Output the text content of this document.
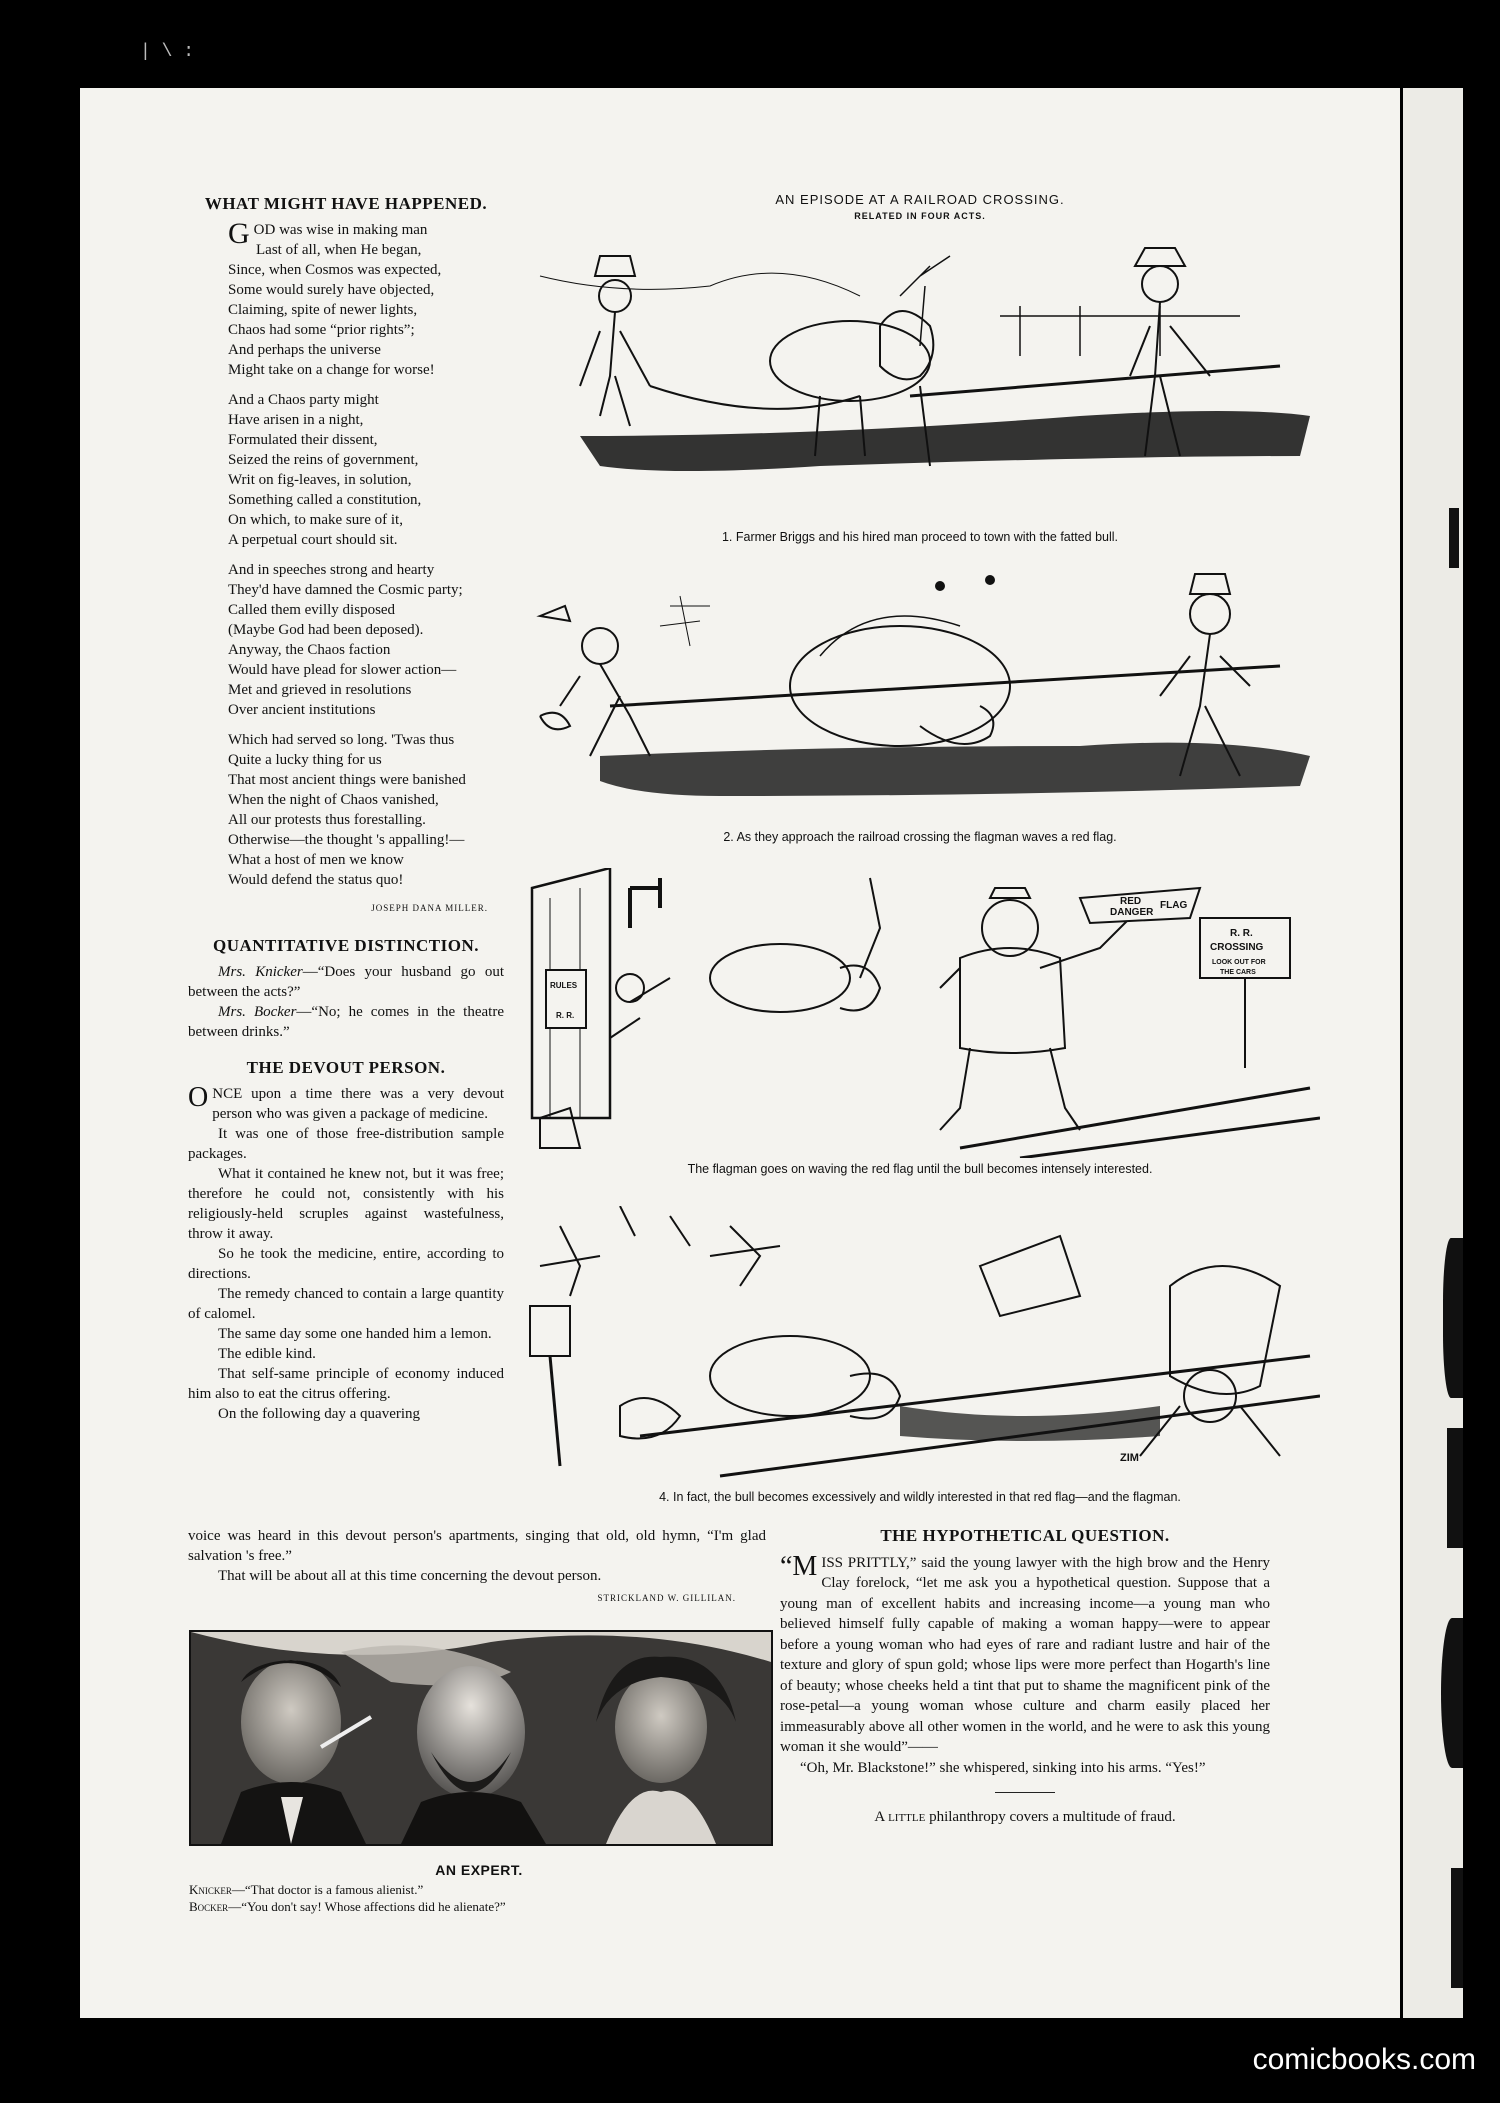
| \ :
WHAT MIGHT HAVE HAPPENED.

G OD was wise in making man
Last of all, when He began,
Since, when Cosmos was expected,
Some would surely have objected,
Claiming, spite of newer lights,
Chaos had some “prior rights”;
And perhaps the universe
Might take on a change for worse!

And a Chaos party might
Have arisen in a night,
Formulated their dissent,
Seized the reins of government,
Writ on fig-leaves, in solution,
Something called a constitution,
On which, to make sure of it,
A perpetual court should sit.

And in speeches strong and hearty
They'd have damned the Cosmic party;
Called them evilly disposed
(Maybe God had been deposed).
Anyway, the Chaos faction
Would have plead for slower action—
Met and grieved in resolutions
Over ancient institutions

Which had served so long. 'Twas thus
Quite a lucky thing for us
That most ancient things were banished
When the night of Chaos vanished,
All our protests thus forestalling.
Otherwise—the thought 's appalling!—
What a host of men we know
Would defend the status quo!

JOSEPH DANA MILLER.
QUANTITATIVE DISTINCTION.

Mrs. Knicker—“Does your husband go out between the acts?”

Mrs. Bocker—“No; he comes in the theatre between drinks.”

THE DEVOUT PERSON.

ONCE upon a time there was a very devout person who was given a package of medicine.

It was one of those free-distribution sample packages.

What it contained he knew not, but it was free; therefore he could not, consistently with his religiously-held scruples against wastefulness, throw it away.

So he took the medicine, entire, according to directions.

The remedy chanced to contain a large quantity of calomel.

The same day some one handed him a lemon.

The edible kind.

That self-same principle of economy induced him also to eat the citrus offering.

On the following day a quavering

voice was heard in this devout person's apartments, singing that old, old hymn, “I'm glad salvation 's free.”

That will be about all at this time concerning the devout person.

STRICKLAND W. GILLILAN.
AN EPISODE AT A RAILROAD CROSSING.
RELATED IN FOUR ACTS.
1. Farmer Briggs and his hired man proceed to town with the fatted bull.
2. As they approach the railroad crossing the flagman waves a red flag.
RED
DANGER
FLAG
R. R.
CROSSING
LOOK OUT FOR
THE CARS
RULES
R. R.
The flagman goes on waving the red flag until the bull becomes intensely interested.
ZIM
4. In fact, the bull becomes excessively and wildly interested in that red flag—and the flagman.
AN EXPERT.
Knicker—“That doctor is a famous alienist.”
Bocker—“You don't say! Whose affections did he alienate?”
THE HYPOTHETICAL QUESTION.

“MISS PRITTLY,” said the young lawyer with the high brow and the Henry Clay forelock, “let me ask you a hypothetical question. Suppose that a young man of excellent habits and increasing income—a young man who believed himself fully capable of making a woman happy—were to appear before a young woman who had eyes of rare and radiant lustre and hair of the texture and glory of spun gold; whose lips were more perfect than Hogarth's line of beauty; whose cheeks held a tint that put to shame the magnificent pink of the rose-petal—a young woman whose culture and charm easily placed her immeasurably above all other women in the world, and he were to ask this young woman it she would”——

“Oh, Mr. Blackstone!” she whispered, sinking into his arms. “Yes!”

A little philanthropy covers a multitude of fraud.

comicbooks.com
